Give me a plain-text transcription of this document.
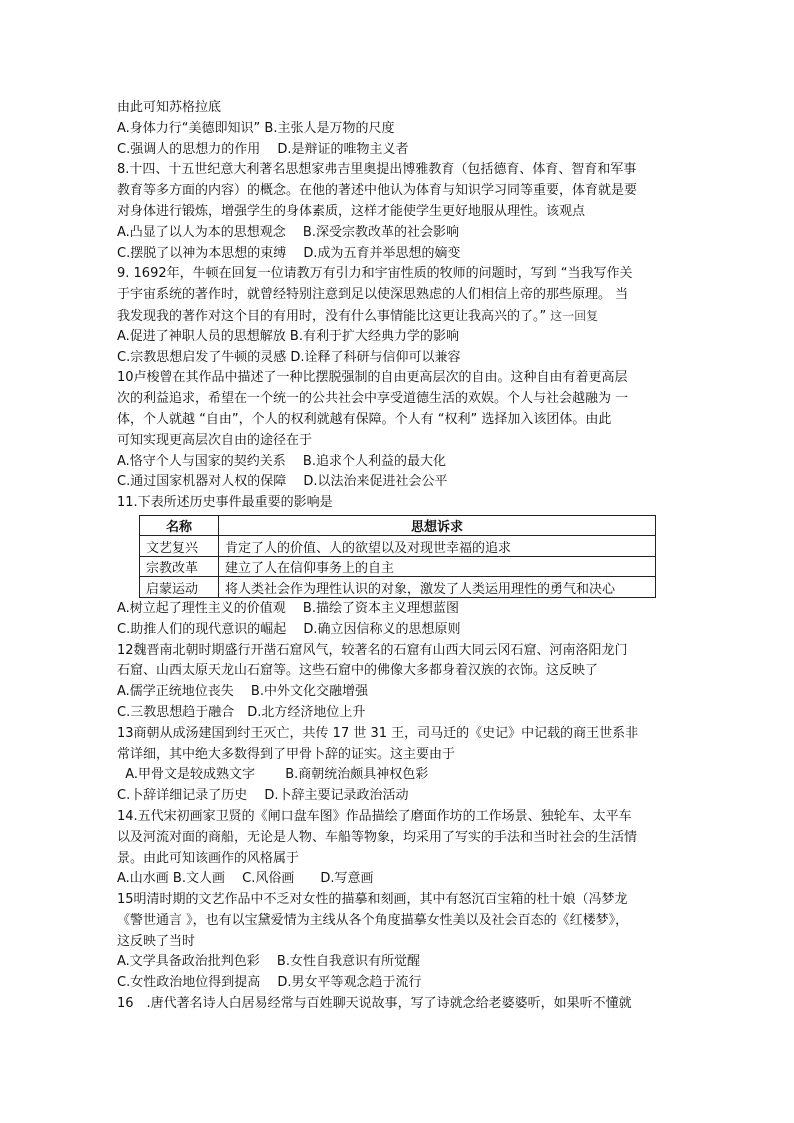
由此可知苏格拉底
A.身体力行“美德即知识” B.主张人是万物的尺度
C.强调人的思想力的作用　 D.是辩证的唯物主义者
8.十四、十五世纪意大利著名思想家弗吉里奥提出博雅教育（包括德育、体育、智育和军事
教育等多方面的内容）的概念。在他的著述中他认为体育与知识学习同等重要，体育就是要
对身体进行锻炼，增强学生的身体素质，这样才能使学生更好地服从理性。该观点
A.凸显了以人为本的思想观念　 B.深受宗教改革的社会影响
C.摆脱了以神为本思想的束缚　 D.成为五育并举思想的嫡变
9. 1692年，牛顿在回复一位请教万有引力和宇宙性质的牧师的问题时，写到 “当我写作关
于宇宙系统的著作时，就曾经特别注意到足以使深思熟虑的人们相信上帝的那些原理。 当
我发现我的著作对这个目的有用时，没有什么事情能比这更让我高兴的了。” 这一回复
A.促进了神职人员的思想解放 B.有利于扩大经典力学的影响
C.宗教思想启发了牛顿的灵感 D.诠释了科研与信仰可以兼容
10卢梭曾在其作品中描述了一种比摆脱强制的自由更高层次的自由。这种自由有着更高层
次的利益追求，希望在一个统一的公共社会中享受道德生活的欢娱。个人与社会越融为 一
体，个人就越 “自由”，个人的权利就越有保障。个人有 “权利” 选择加入该团体。由此
可知实现更高层次自由的途径在于
A.恪守个人与国家的契约关系　 B.追求个人利益的最大化
C.通过国家机器对人权的保障　 D.以法治来促进社会公平
11.下表所述历史事件最重要的影响是
名称	思想诉求
文艺复兴	肯定了人的价值、人的欲望以及对现世幸福的追求
宗教改革	建立了人在信仰事务上的自主
启蒙运动	将人类社会作为理性认识的对象，激发了人类运用理性的勇气和决心
A.树立起了理性主义的价值观　 B.描绘了资本主义理想蓝图
C.助推人们的现代意识的崛起　 D.确立因信称义的思想原则
12魏晋南北朝时期盛行开凿石窟风气，较著名的石窟有山西大同云冈石窟、河南洛阳龙门
石窟、山西太原天龙山石窟等。这些石窟中的佛像大多都身着汉族的衣饰。这反映了
A.儒学正统地位丧失　 B.中外文化交融增强
C.三教思想趋于融合　D.北方经济地位上升
13商朝从成汤建国到纣王灭亡，共传 17 世 31 王，司马迁的《史记》中记载的商王世系非
常详细，其中绝大多数得到了甲骨卜辞的证实。这主要由于
A.甲骨文是较成熟文字　　 B.商朝统治颇具神权色彩
C.卜辞详细记录了历史　 D.卜辞主要记录政治活动
14.五代宋初画家卫贤的《闸口盘车图》作品描绘了磨面作坊的工作场景、独轮车、太平车
以及河流对面的商船，无论是人物、车船等物象，均采用了写实的手法和当时社会的生活情
景。由此可知该画作的风格属于
A.山水画 B.文人画　 C.风俗画　　D.写意画
15明清时期的文艺作品中不乏对女性的描摹和刻画，其中有怒沉百宝箱的杜十娘（冯梦龙
《警世通言 》，也有以宝黛爱情为主线从各个角度描摹女性美以及社会百态的《红楼梦》，
这反映了当时
A.文学具备政治批判色彩　 B.女性自我意识有所觉醒
C.女性政治地位得到提高　 D.男女平等观念趋于流行
16　.唐代著名诗人白居易经常与百姓聊天说故事，写了诗就念给老婆婆听，如果听不懂就
